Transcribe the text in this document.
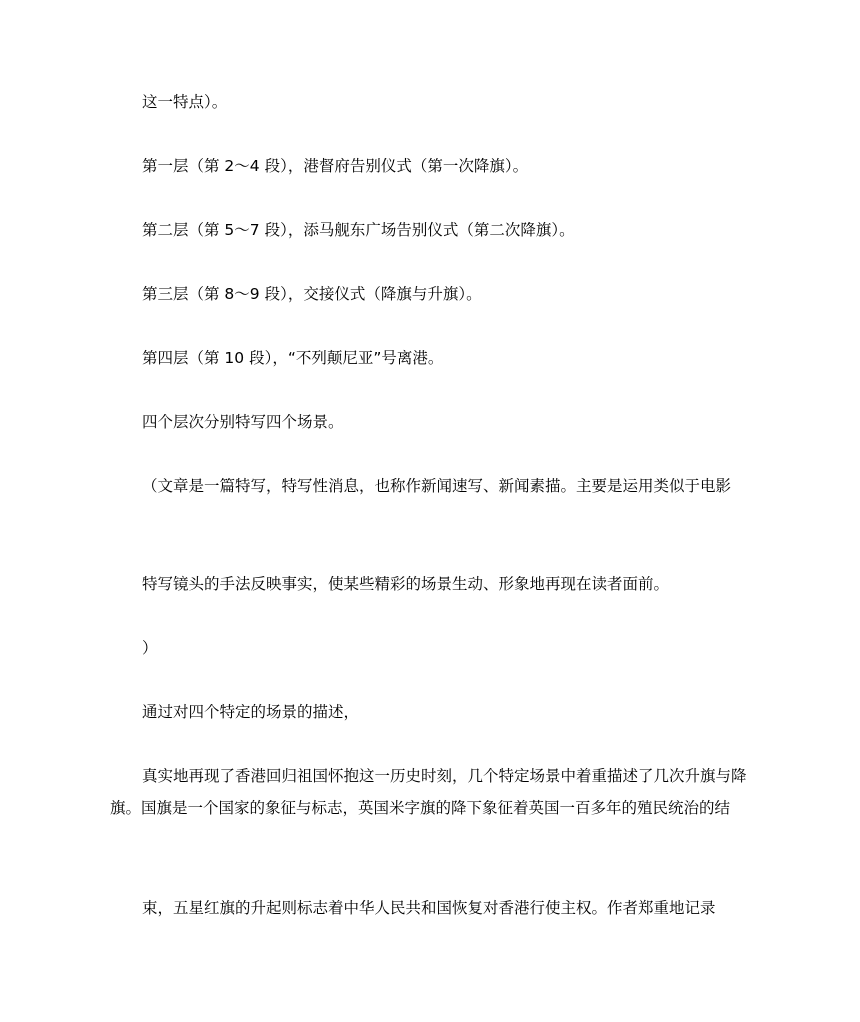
这一特点）。

第一层（第 2～4 段），港督府告别仪式（第一次降旗）。

第二层（第 5～7 段），添马舰东广场告别仪式（第二次降旗）。

第三层（第 8～9 段），交接仪式（降旗与升旗）。

第四层（第 10 段），“不列颠尼亚”号离港。

四个层次分别特写四个场景。

（文章是一篇特写，特写性消息，也称作新闻速写、新闻素描。主要是运用类似于电影

特写镜头的手法反映事实，使某些精彩的场景生动、形象地再现在读者面前。

）

通过对四个特定的场景的描述，

真实地再现了香港回归祖国怀抱这一历史时刻，几个特定场景中着重描述了几次升旗与降旗。国旗是一个国家的象征与标志，英国米字旗的降下象征着英国一百多年的殖民统治的结

束，五星红旗的升起则标志着中华人民共和国恢复对香港行使主权。作者郑重地记录
